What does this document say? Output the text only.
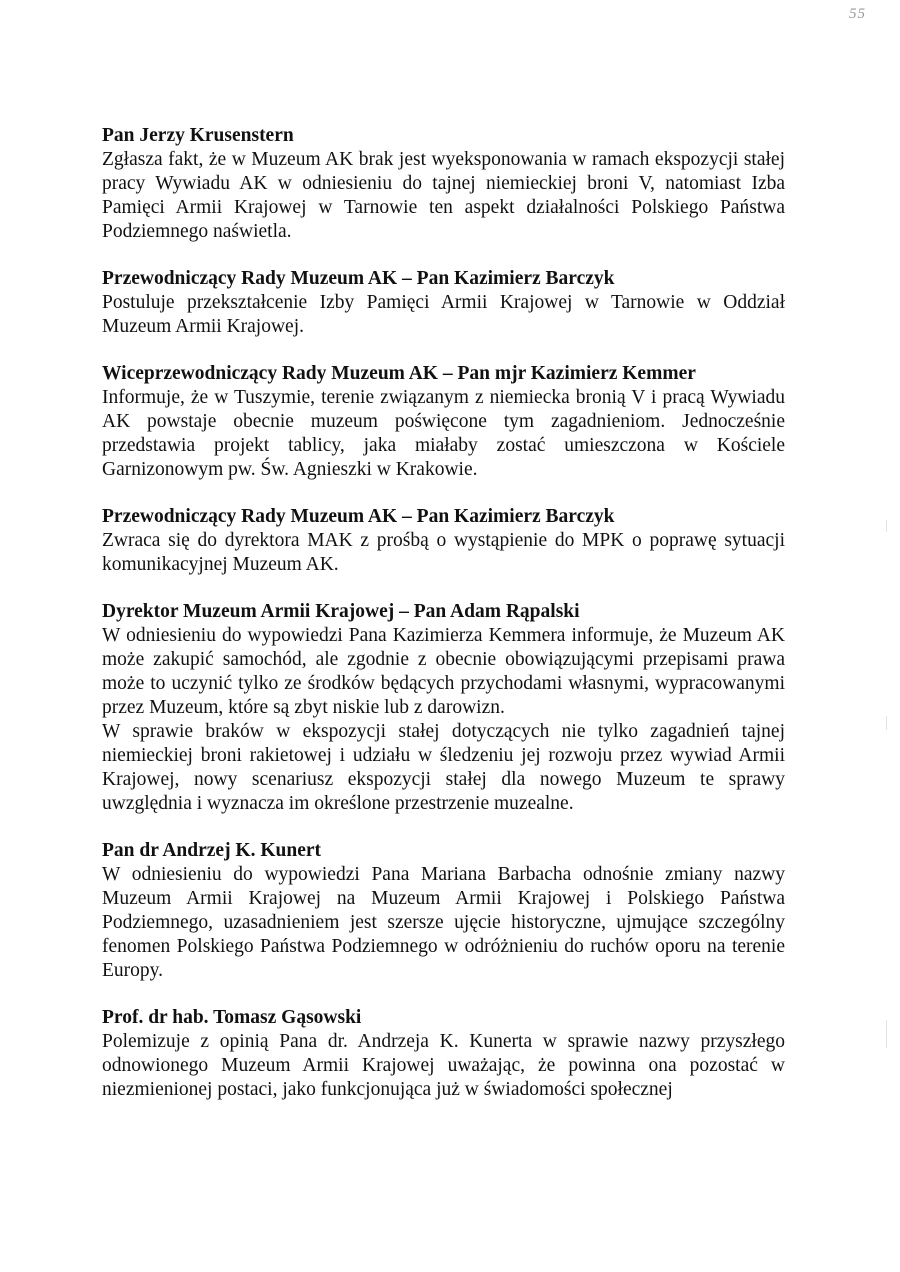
55

Pan Jerzy Krusenstern

Zgłasza fakt, że w Muzeum AK brak jest wyeksponowania w ramach ekspozycji stałej pracy Wywiadu AK w odniesieniu do tajnej niemieckiej broni V, natomiast Izba Pamięci Armii Krajowej w Tarnowie ten aspekt działalności Polskiego Państwa Podziemnego naświetla.

Przewodniczący Rady Muzeum AK – Pan Kazimierz Barczyk

Postuluje przekształcenie Izby Pamięci Armii Krajowej w Tarnowie w Oddział Muzeum Armii Krajowej.

Wiceprzewodniczący Rady Muzeum AK – Pan mjr Kazimierz Kemmer

Informuje, że w Tuszymie, terenie związanym z niemiecka bronią V i pracą Wywiadu AK powstaje obecnie muzeum poświęcone tym zagadnieniom. Jednocześnie przedstawia projekt tablicy, jaka miałaby zostać umieszczona w Kościele Garnizonowym pw. Św. Agnieszki w Krakowie.

Przewodniczący Rady Muzeum AK – Pan Kazimierz Barczyk

Zwraca się do dyrektora MAK z prośbą o wystąpienie do MPK o poprawę sytuacji komunikacyjnej Muzeum AK.

Dyrektor Muzeum Armii Krajowej – Pan Adam Rąpalski

W odniesieniu do wypowiedzi Pana Kazimierza Kemmera informuje, że Muzeum AK może zakupić samochód, ale zgodnie z obecnie obowiązującymi przepisami prawa może to uczynić tylko ze środków będących przychodami własnymi, wypracowanymi przez Muzeum, które są zbyt niskie lub z darowizn.

W sprawie braków w ekspozycji stałej dotyczących nie tylko zagadnień tajnej niemieckiej broni rakietowej i udziału w śledzeniu jej rozwoju przez wywiad Armii Krajowej, nowy scenariusz ekspozycji stałej dla nowego Muzeum te sprawy uwzględnia i wyznacza im określone przestrzenie muzealne.

Pan dr Andrzej K. Kunert

W odniesieniu do wypowiedzi Pana Mariana Barbacha odnośnie zmiany nazwy Muzeum Armii Krajowej na Muzeum Armii Krajowej i Polskiego Państwa Podziemnego, uzasadnieniem jest szersze ujęcie historyczne, ujmujące szczególny fenomen Polskiego Państwa Podziemnego w odróżnieniu do ruchów oporu na terenie Europy.

Prof. dr hab. Tomasz Gąsowski

Polemizuje z opinią Pana dr. Andrzeja K. Kunerta w sprawie nazwy przyszłego odnowionego Muzeum Armii Krajowej uważając, że powinna ona pozostać w niezmienionej postaci, jako funkcjonująca już w świadomości społecznej
